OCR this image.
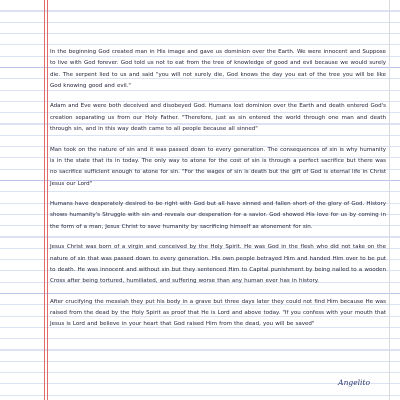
In the beginning God created man in His image and gave us dominion over the Earth. We were innocent and Suppose to live with God forever. God told us not to eat from the tree of knowledge of good and evil because we would surely die. The serpent lied to us and said "you will not surely die, God knows the day you eat of the tree you will be like God knowing good and evil."

Adam and Eve were both deceived and disobeyed God. Humans lost dominion over the Earth and death entered God's creation separating us from our Holy Father. "Therefore, just as sin entered the world through one man and death through sin, and in this way death came to all people because all sinned"

Man took on the nature of sin and it was passed down to every generation. The consequences of sin is why humanity is in the state that its in today. The only way to atone for the cost of sin is through a perfect sacrifice but there was no sacrifice sufficient enough to atone for sin. "For the wages of sin is death but the gift of God is eternal life in Christ Jesus our Lord"

Humans have desperately desired to be right with God but all have sinned and fallen short of the glory of God. History shows humanity's Struggle with sin and reveals our desperation for a savior. God showed His love for us by coming in the form of a man, Jesus Christ to save humanity by sacrificing himself as atonement for sin.

Jesus Christ was born of a virgin and conceived by the Holy Spirit. He was God in the flesh who did not take on the nature of sin that was passed down to every generation. His own people betrayed Him and handed Him over to be put to death. He was innocent and without sin but they sentenced Him to Capital punishment by being nailed to a wooden Cross after being tortured, humiliated, and suffering worse than any human ever has in history.

After crucifying the messiah they put his body in a grave but three days later they could not find Him because He was raised from the dead by the Holy Spirit as proof that He is Lord and above today. "If you confess with your mouth that Jesus is Lord and believe in your heart that God raised Him from the dead, you will be saved"

Angelito
